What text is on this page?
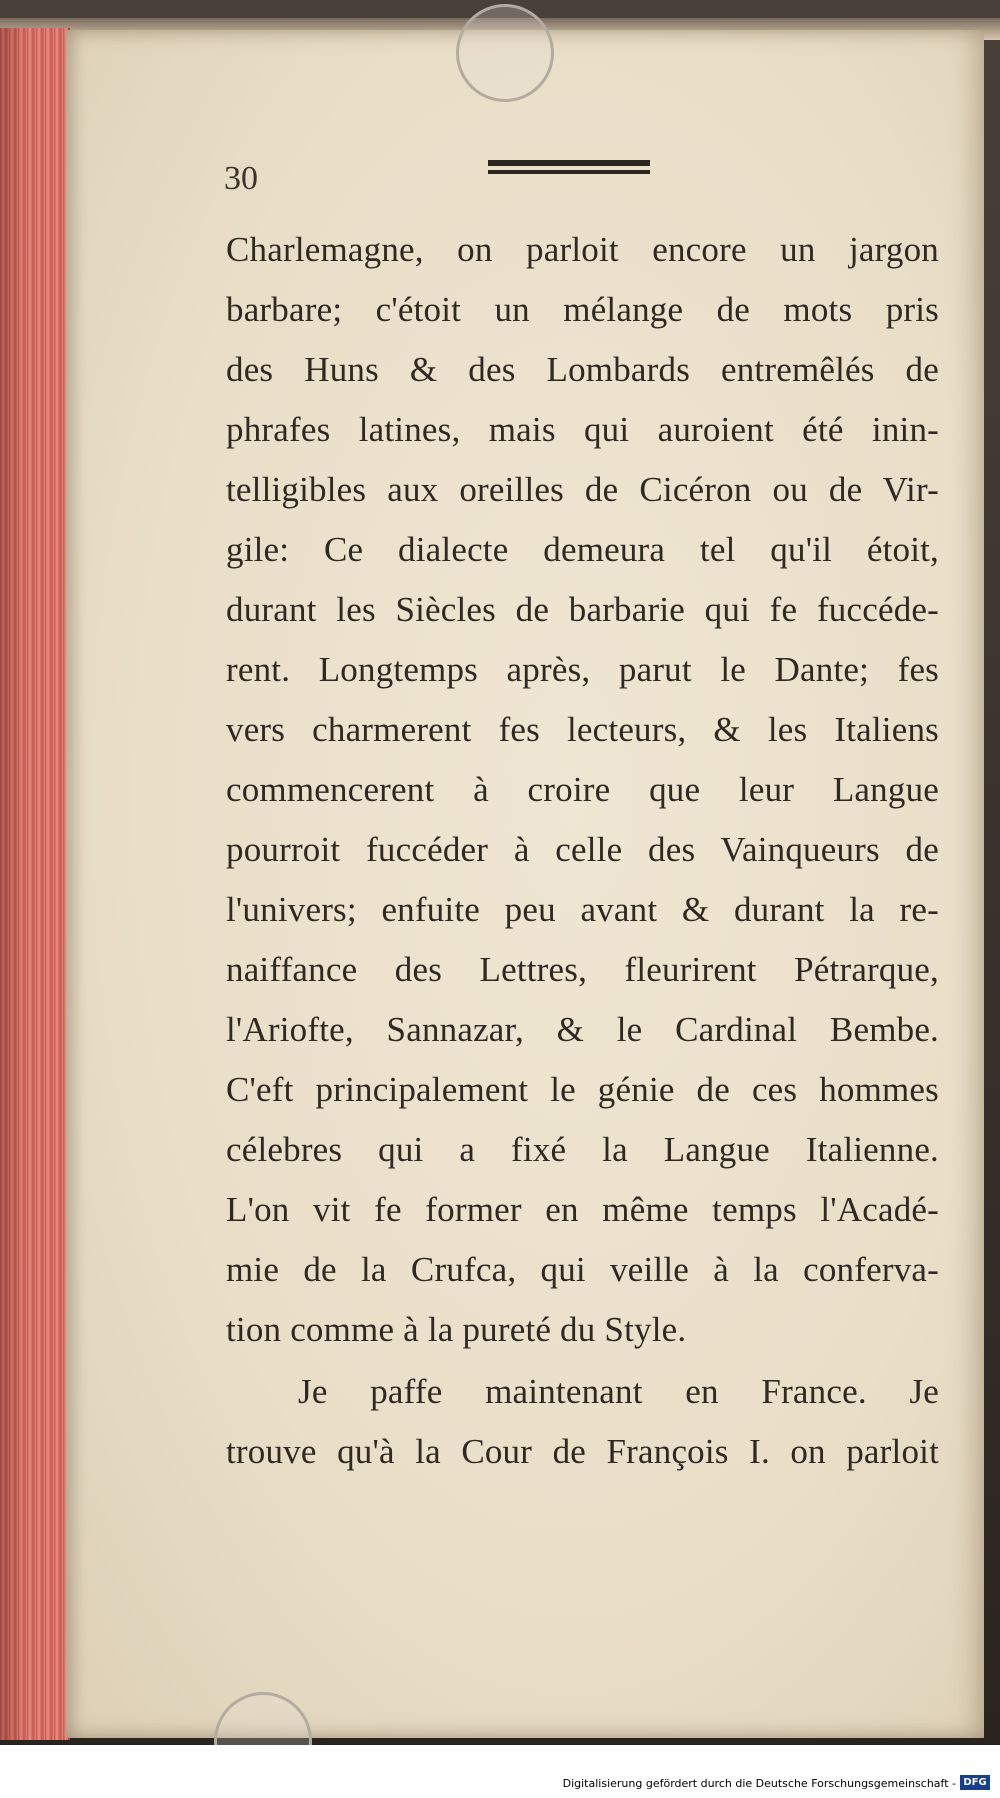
30
Charlemagne, on parloit encore un jargon
barbare; c'étoit un mélange de mots pris
des Huns & des Lombards entremêlés de
phrafes latines, mais qui auroient été inin-
telligibles aux oreilles de Cicéron ou de Vir-
gile: Ce dialecte demeura tel qu'il étoit,
durant les Siècles de barbarie qui fe fuccéde-
rent. Longtemps après, parut le Dante; fes
vers charmerent fes lecteurs, & les Italiens
commencerent à croire que leur Langue
pourroit fuccéder à celle des Vainqueurs de
l'univers; enfuite peu avant & durant la re-
naiffance des Lettres, fleurirent Pétrarque,
l'Ariofte, Sannazar, & le Cardinal Bembe.
C'eft principalement le génie de ces hommes
célebres qui a fixé la Langue Italienne.
L'on vit fe former en même temps l'Acadé-
mie de la Crufca, qui veille à la conferva-
tion comme à la pureté du Style.
Je paffe maintenant en France. Je
trouve qu'à la Cour de François I. on parloit
Digitalisierung gefördert durch die Deutsche Forschungsgemeinschaft - DFG
